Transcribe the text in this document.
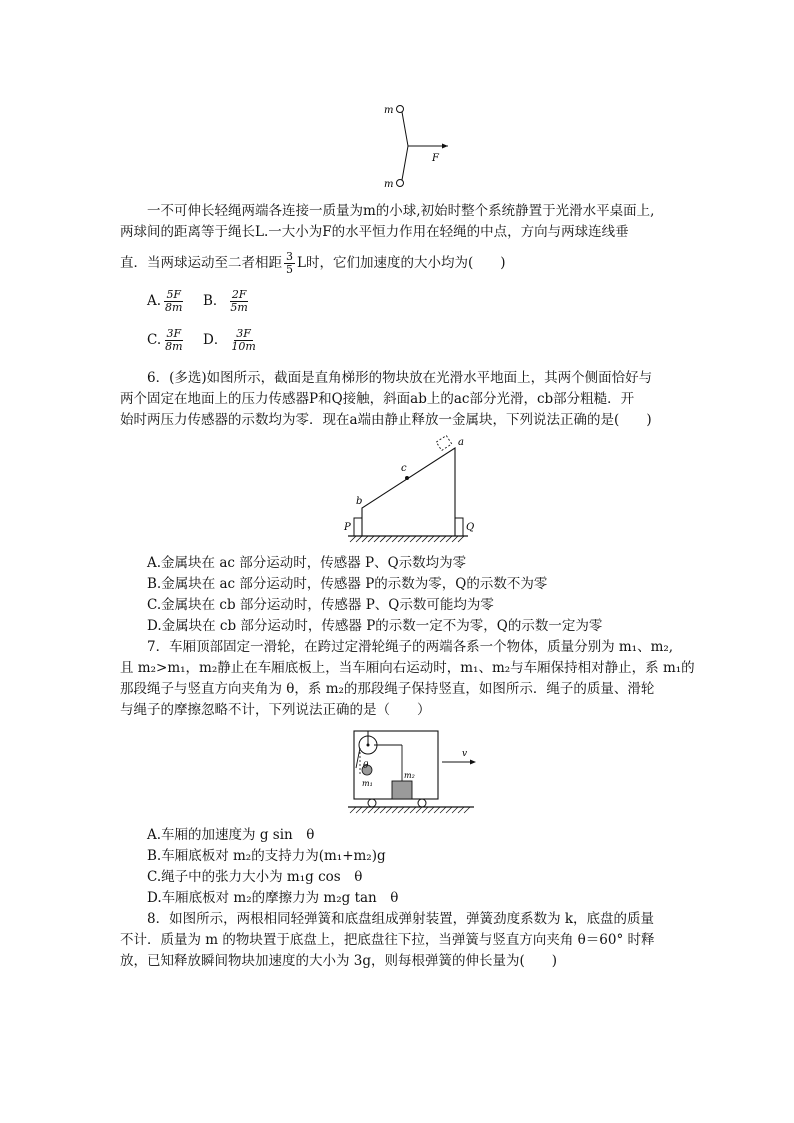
m
m
F
一不可伸长轻绳两端各连接一质量为m的小球,初始时整个系统静置于光滑水平桌面上,
两球间的距离等于绳长L.一大小为F的水平恒力作用在轻绳的中点，方向与两球连线垂
直．当两球运动至二者相距 $\frac{3}{5}$ L时，它们加速度的大小均为(　　)
A. $\frac{5F}{8m}$ B． $\frac{2F}{5m}$
C. $\frac{3F}{8m}$ D． $\frac{3F}{10m}$
6．(多选)如图所示，截面是直角梯形的物块放在光滑水平地面上，其两个侧面恰好与
两个固定在地面上的压力传感器P和Q接触，斜面ab上的ac部分光滑，cb部分粗糙．开
始时两压力传感器的示数均为零．现在a端由静止释放一金属块，下列说法正确的是(　　)
a
b
c
P	Q
A.金属块在 ac 部分运动时，传感器 P、Q示数均为零
B.金属块在 ac 部分运动时，传感器 P的示数为零，Q的示数不为零
C.金属块在 cb 部分运动时，传感器 P、Q示数可能均为零
D.金属块在 cb 部分运动时，传感器 P的示数一定不为零，Q的示数一定为零
7．车厢顶部固定一滑轮，在跨过定滑轮绳子的两端各系一个物体，质量分别为 m₁、m₂,
且 m₂>m₁，m₂静止在车厢底板上，当车厢向右运动时，m₁、m₂与车厢保持相对静止，系 m₁的
那段绳子与竖直方向夹角为 θ，系 m₂的那段绳子保持竖直，如图所示．绳子的质量、滑轮
与绳子的摩擦忽略不计，下列说法正确的是（　　）
θ
m₁
m₂
v
A.车厢的加速度为 g sin　θ
B.车厢底板对 m₂的支持力为(m₁+m₂)g
C.绳子中的张力大小为 m₁g cos　θ
D.车厢底板对 m₂的摩擦力为 m₂g tan　θ
8．如图所示，两根相同轻弹簧和底盘组成弹射装置，弹簧劲度系数为 k，底盘的质量
不计．质量为 m 的物块置于底盘上，把底盘往下拉，当弹簧与竖直方向夹角 θ＝60° 时释
放，已知释放瞬间物块加速度的大小为 3g，则每根弹簧的伸长量为(　　)
